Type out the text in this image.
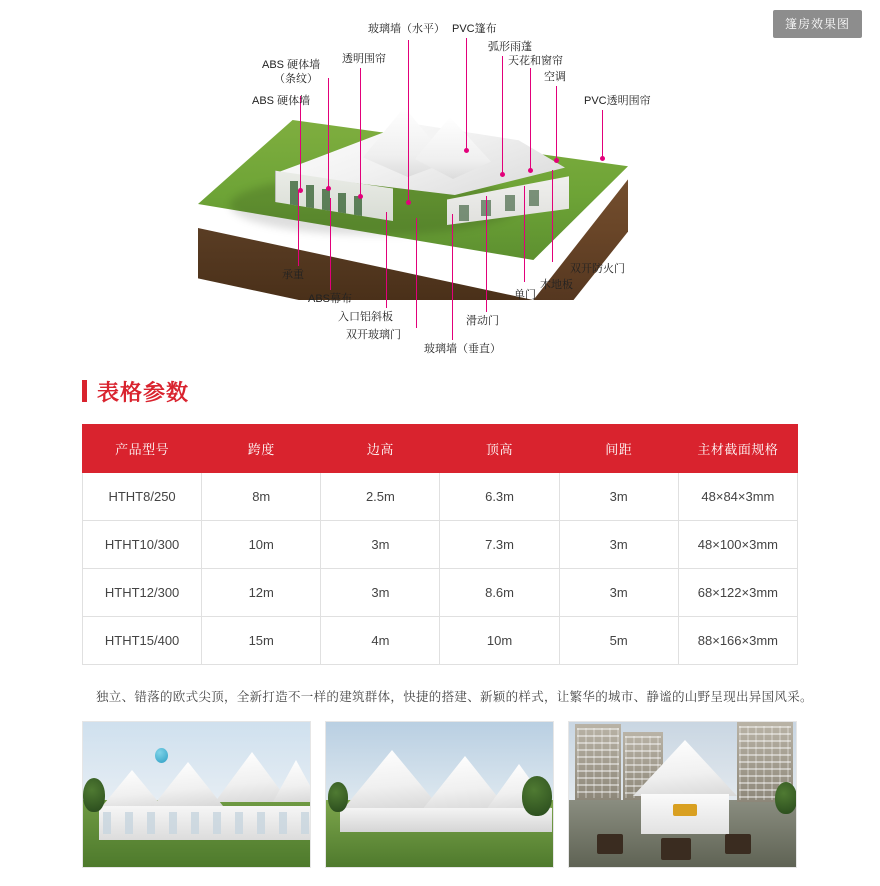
篷房效果图
ABS 硬体墙
（条纹）
ABS 硬体墙
透明围帘
玻璃墙（水平） PVC篷布
弧形雨蓬
天花和窗帘
空调
PVC透明围帘
承重
ABS幕布
入口铝斜板
双开玻璃门
玻璃墙（垂直）
滑动门
单门
木地板
双开防火门
表格参数
产品型号	跨度	边高	顶高	间距	主材截面规格
HTHT8/250	8m	2.5m	6.3m	3m	48×84×3mm
HTHT10/300	10m	3m	7.3m	3m	48×100×3mm
HTHT12/300	12m	3m	8.6m	3m	68×122×3mm
HTHT15/400	15m	4m	10m	5m	88×166×3mm
独立、错落的欧式尖顶，全新打造不一样的建筑群体，快捷的搭建、新颖的样式，让繁华的城市、静谧的山野呈现出异国风采。
